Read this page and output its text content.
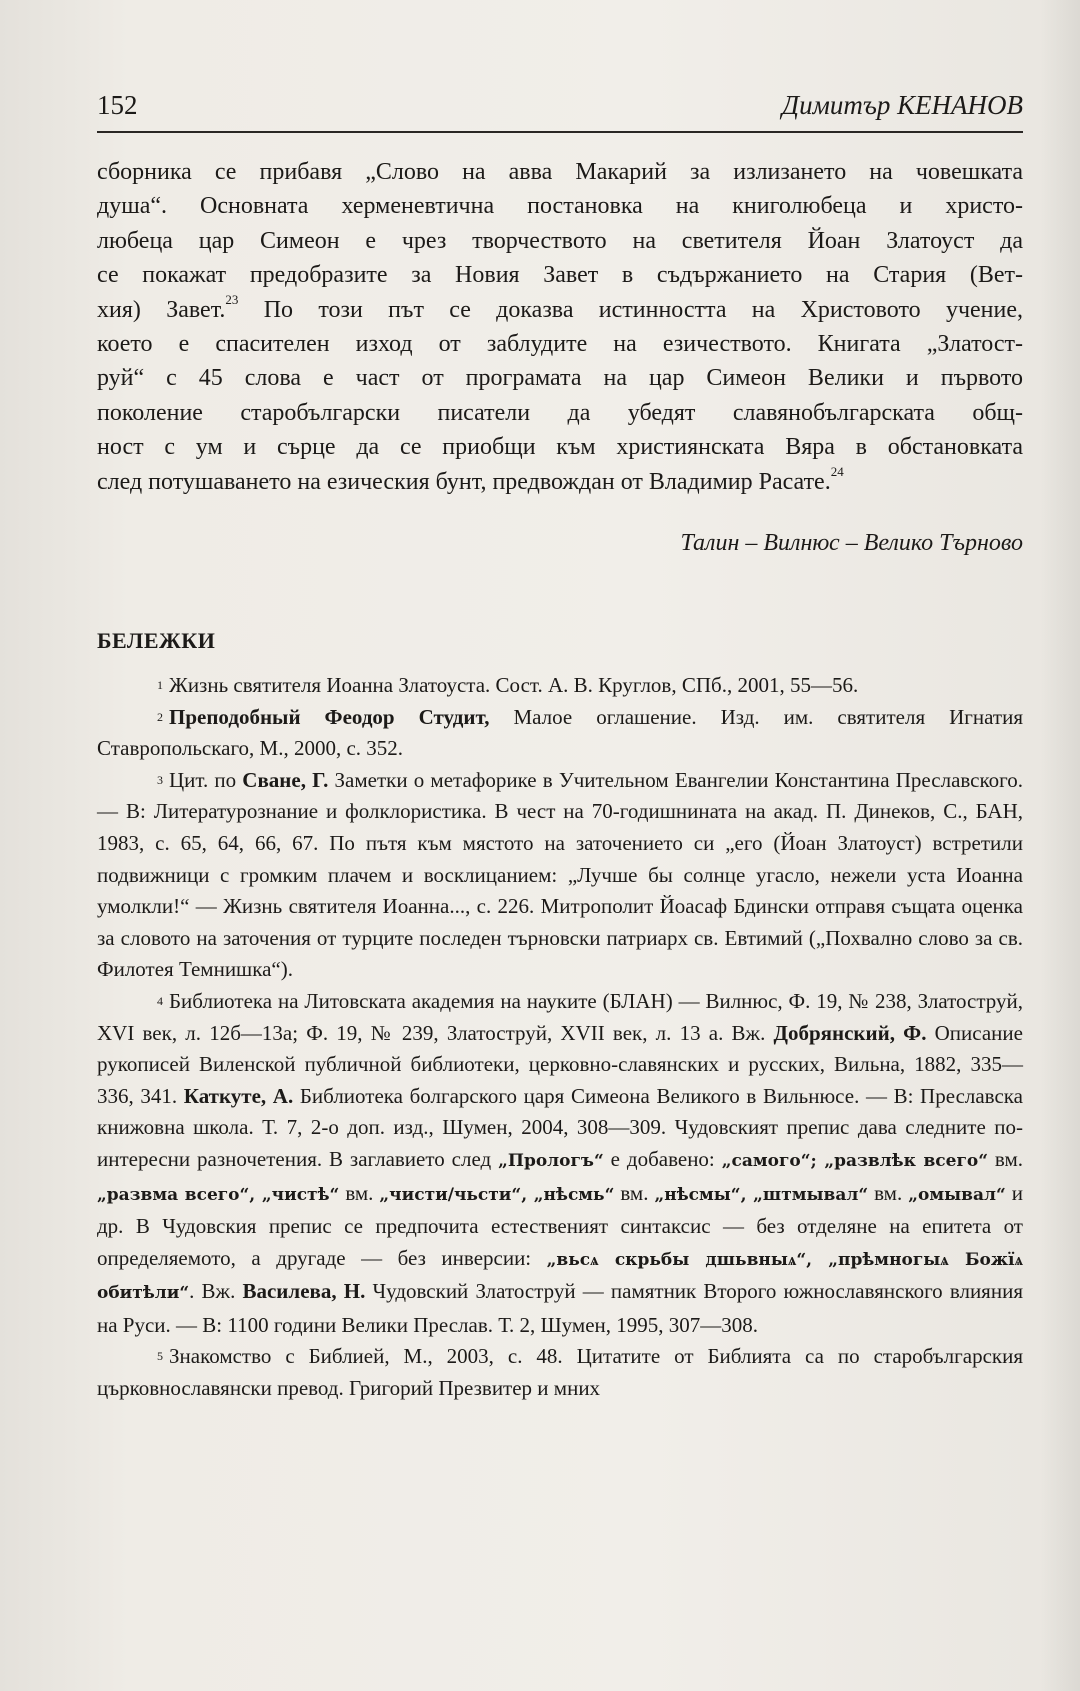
152	Димитър КЕНАНОВ

сборника се прибавя „Слово на авва Макарий за излизането на човешката

душа“. Основната херменевтична постановка на книголюбеца и христо-

любеца цар Симеон е чрез творчеството на светителя Йоан Златоуст да

се покажат предобразите за Новия Завет в съдържанието на Стария (Вет-

хия) Завет.$^{23}$ По този път се доказва истинността на Христовото учение,

което е спасителен изход от заблудите на езичеството. Книгата „Златост-

руй“ с 45 слова е част от програмата на цар Симеон Велики и първото

поколение старобългарски писатели да убедят славянобългарската общ-

ност с ум и сърце да се приобщи към християнската Вяра в обстановката

след потушаването на езическия бунт, предвождан от Владимир Расате.$^{24}$

Талин – Вилнюс – Велико Търново
БЕЛЕЖКИ

$^1$ Жизнь святителя Иоанна Златоуста. Сост. А. В. Круглов, СПб., 2001, 55—56.

$^2$ Преподобный Феодор Студит, Малое оглашение. Изд. им. святителя Игнатия Ставропольскаго, М., 2000, с. 352.

$^3$ Цит. по Сване, Г. Заметки о метафорике в Учительном Евангелии Константина Преславского. — В: Литературознание и фолклористика. В чест на 70-годишнината на акад. П. Динеков, С., БАН, 1983, с. 65, 64, 66, 67. По пътя към мястото на заточението си „его (Йоан Златоуст) встретили подвижници с громким плачем и восклицанием: „Лучше бы солнце угасло, нежели уста Иоанна умолкли!“ — Жизнь святителя Иоанна..., с. 226. Митрополит Йоасаф Бдински отправя същата оценка за словото на заточения от турците последен търновски патриарх св. Евтимий („Похвално слово за св. Филотея Темнишка“).

$^4$ Библиотека на Литовската академия на науките (БЛАН) — Вилнюс, Ф. 19, № 238, Златоструй, XVI век, л. 12б—13а; Ф. 19, № 239, Златоструй, XVII век, л. 13 а. Вж. Добрянский, Ф. Описание рукописей Виленской публичной библиотеки, церковно-славянских и русских, Вильна, 1882, 335—336, 341. Каткуте, А. Библиотека болгарского царя Симеона Великого в Вильнюсе. — В: Преславска книжовна школа. Т. 7, 2-о доп. изд., Шумен, 2004, 308—309. Чудовският препис дава следните по-интересни разночетения. В заглавието след „Прологъ“ е добавено: „самого“; „развлѣк всего“ вм. „развма всего“, „чистѣ“ вм. „чисти/чьсти“, „нѣсмь“ вм. „нѣсмы“, „штмывал“ вм. „омывал“ и др. В Чудовския препис се предпочита естественият синтаксис — без отделяне на епитета от определяемото, а другаде — без инверсии: „вьсѧ скрьбы дшьвныѧ“, „прѣмногыѧ Божїѧ обитѣли“. Вж. Василева, Н. Чудовский Златоструй — памятник Второго южнославянского влияния на Руси. — В: 1100 години Велики Преслав. Т. 2, Шумен, 1995, 307—308.

$^5$ Знакомство с Библией, М., 2003, с. 48. Цитатите от Библията са по старобългарския църковнославянски превод. Григорий Презвитер и мних
